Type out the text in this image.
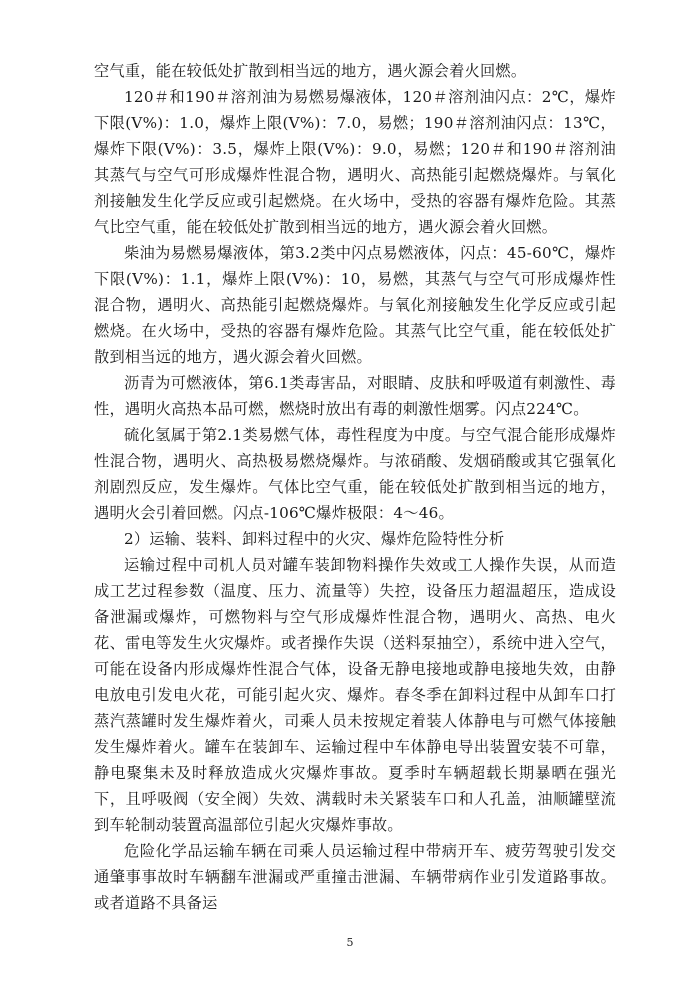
空气重，能在较低处扩散到相当远的地方，遇火源会着火回燃。

120＃和190＃溶剂油为易燃易爆液体，120＃溶剂油闪点：2℃，爆炸下限(V%)：1.0，爆炸上限(V%)：7.0，易燃；190＃溶剂油闪点：13℃，爆炸下限(V%)：3.5，爆炸上限(V%)：9.0，易燃；120＃和190＃溶剂油其蒸气与空气可形成爆炸性混合物，遇明火、高热能引起燃烧爆炸。与氧化剂接触发生化学反应或引起燃烧。在火场中，受热的容器有爆炸危险。其蒸气比空气重，能在较低处扩散到相当远的地方，遇火源会着火回燃。

柴油为易燃易爆液体，第3.2类中闪点易燃液体，闪点：45-60℃，爆炸下限(V%)：1.1，爆炸上限(V%)：10，易燃，其蒸气与空气可形成爆炸性混合物，遇明火、高热能引起燃烧爆炸。与氧化剂接触发生化学反应或引起燃烧。在火场中，受热的容器有爆炸危险。其蒸气比空气重，能在较低处扩散到相当远的地方，遇火源会着火回燃。

沥青为可燃液体，第6.1类毒害品，对眼睛、皮肤和呼吸道有刺激性、毒性，遇明火高热本品可燃，燃烧时放出有毒的刺激性烟雾。闪点224℃。

硫化氢属于第2.1类易燃气体，毒性程度为中度。与空气混合能形成爆炸性混合物，遇明火、高热极易燃烧爆炸。与浓硝酸、发烟硝酸或其它强氧化剂剧烈反应，发生爆炸。气体比空气重，能在较低处扩散到相当远的地方，遇明火会引着回燃。闪点-106℃爆炸极限：4～46。

2）运输、装料、卸料过程中的火灾、爆炸危险特性分析

运输过程中司机人员对罐车装卸物料操作失效或工人操作失误，从而造成工艺过程参数（温度、压力、流量等）失控，设备压力超温超压，造成设备泄漏或爆炸，可燃物料与空气形成爆炸性混合物，遇明火、高热、电火花、雷电等发生火灾爆炸。或者操作失误（送料泵抽空），系统中进入空气，可能在设备内形成爆炸性混合气体，设备无静电接地或静电接地失效，由静电放电引发电火花，可能引起火灾、爆炸。春冬季在卸料过程中从卸车口打蒸汽蒸罐时发生爆炸着火，司乘人员未按规定着装人体静电与可燃气体接触发生爆炸着火。罐车在装卸车、运输过程中车体静电导出装置安装不可靠，静电聚集未及时释放造成火灾爆炸事故。夏季时车辆超载长期暴晒在强光下，且呼吸阀（安全阀）失效、满载时未关紧装车口和人孔盖，油顺罐壁流到车轮制动装置高温部位引起火灾爆炸事故。

危险化学品运输车辆在司乘人员运输过程中带病开车、疲劳驾驶引发交通肇事事故时车辆翻车泄漏或严重撞击泄漏、车辆带病作业引发道路事故。或者道路不具备运

5
